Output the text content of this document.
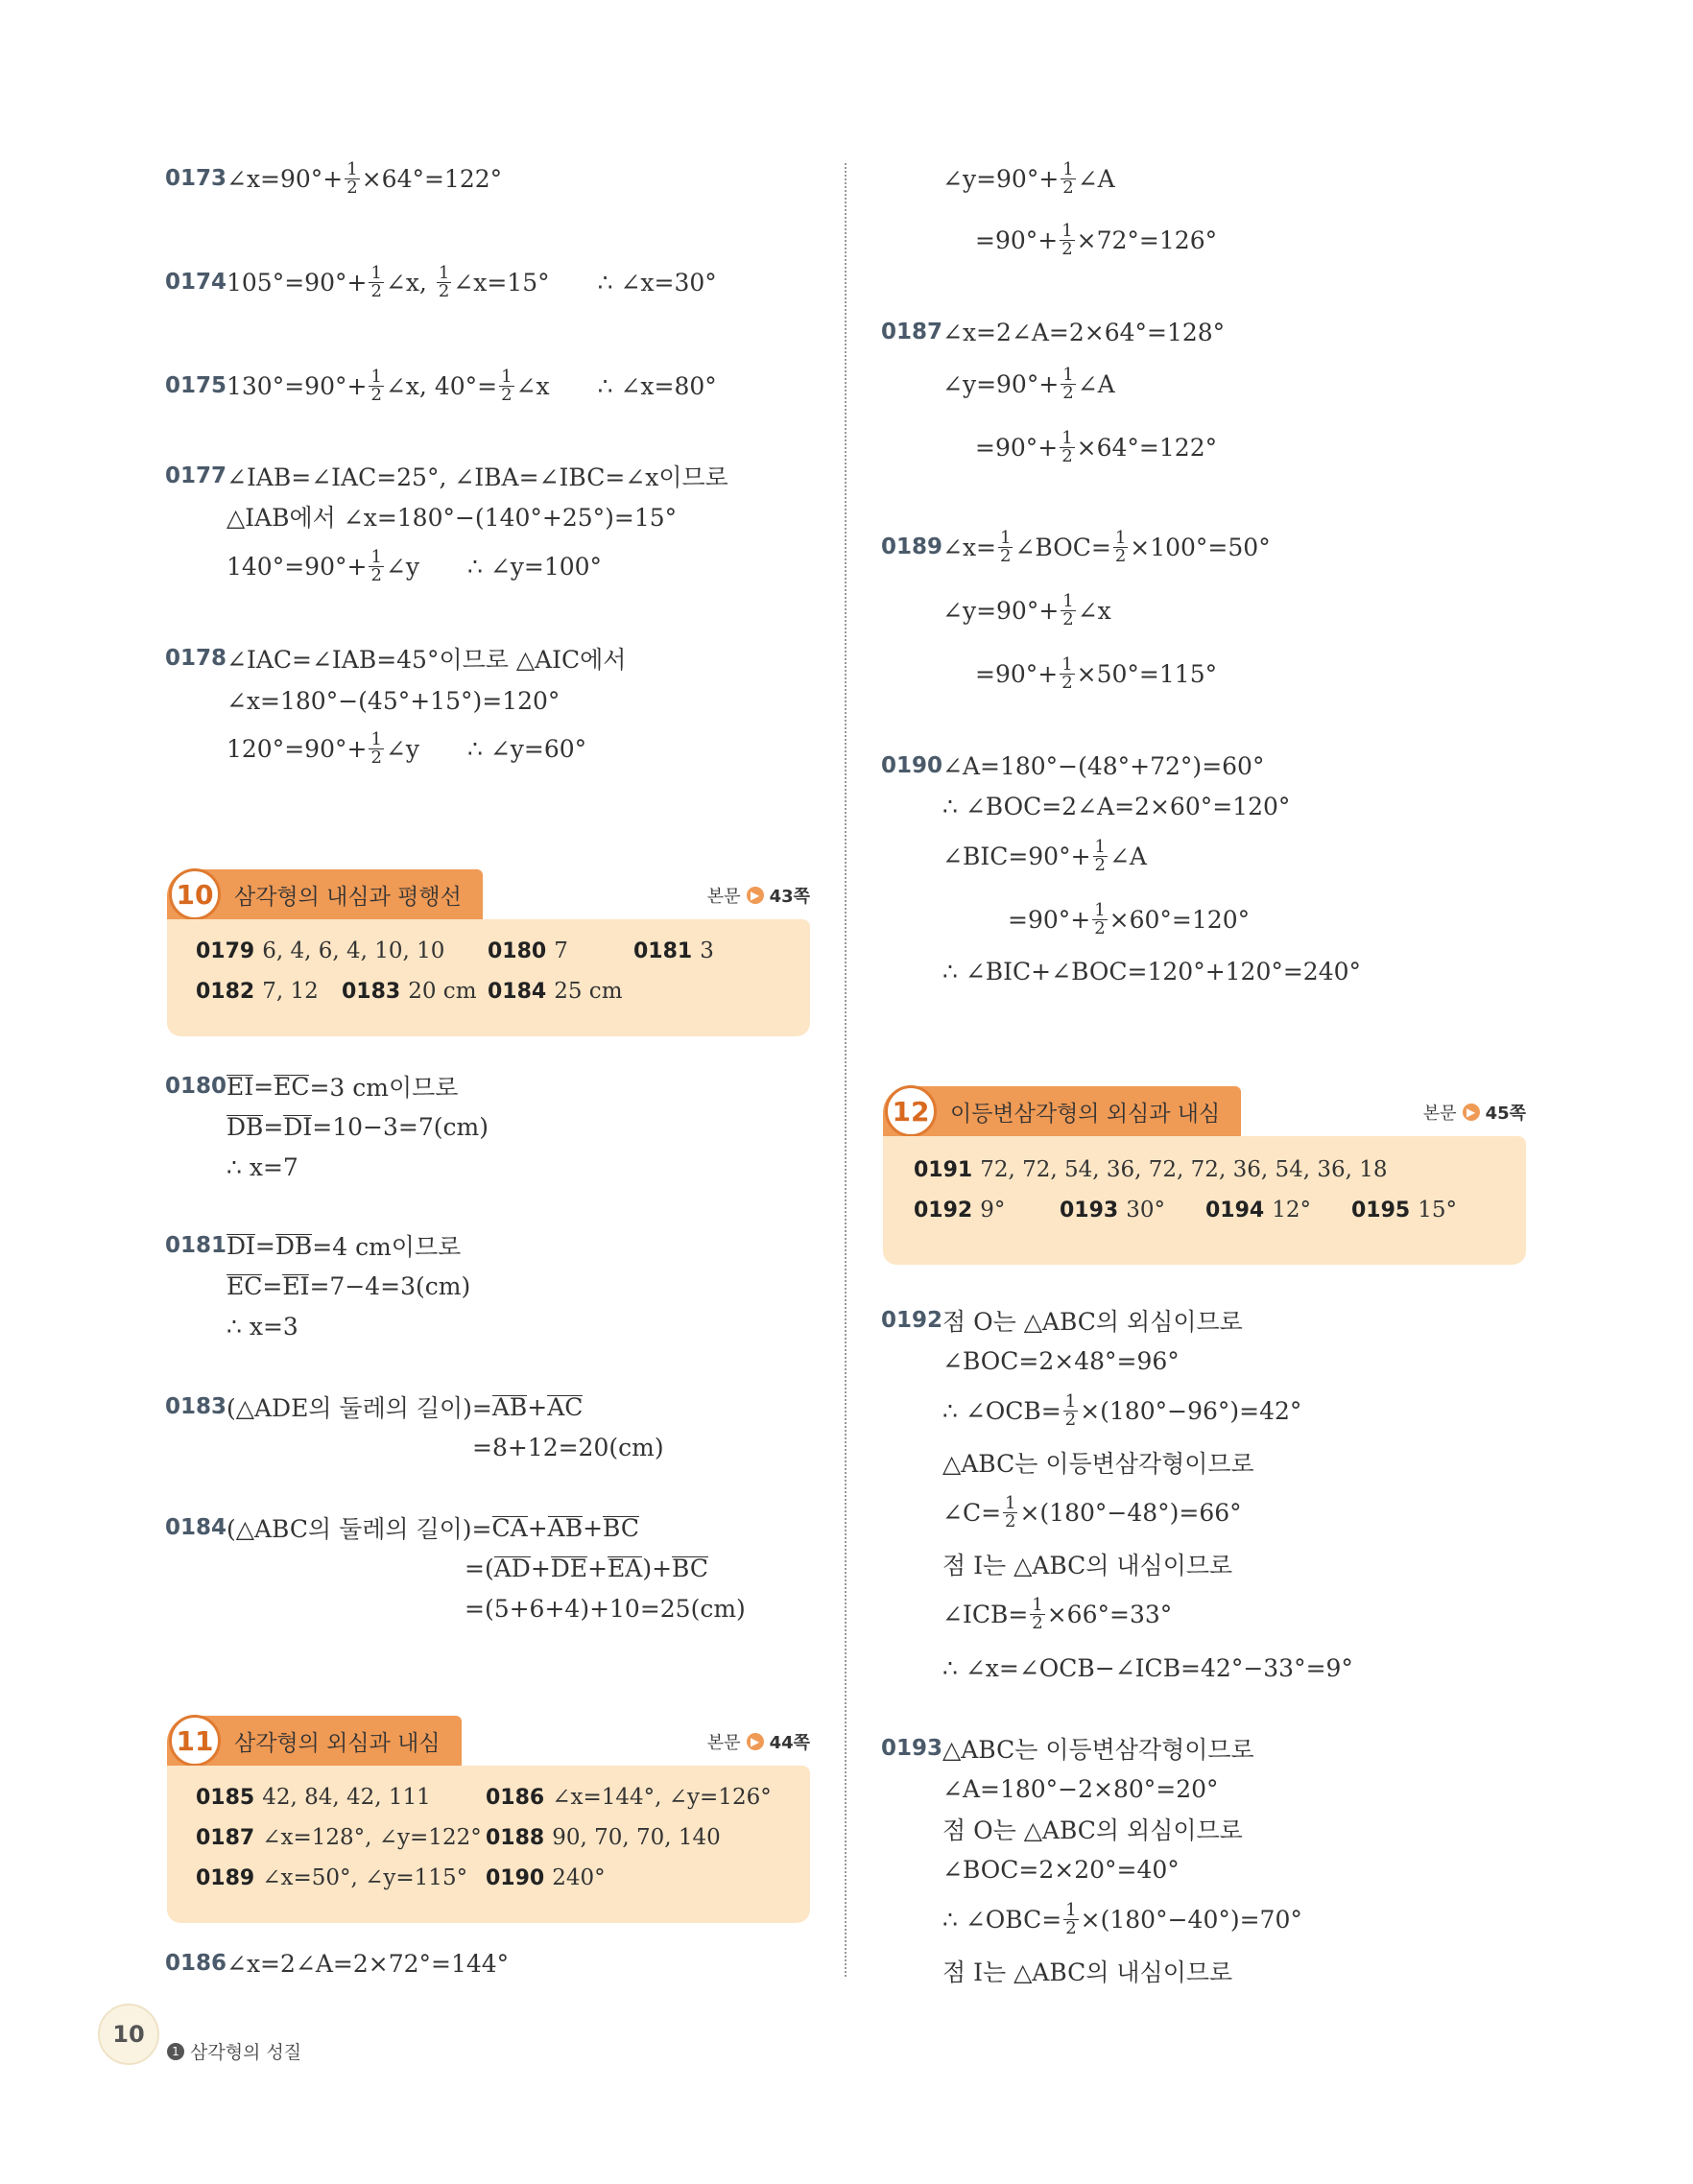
0173 ∠x=90°+ $\frac{1}{2} \times 64^\circ=122^\circ$
0174 $105^\circ=90^\circ+ \frac{1}{2}$ ∠x, $\frac{1}{2}$ ∠x=15° ∴ ∠x=30°
0175 $130^\circ=90^\circ+ \frac{1}{2}$ ∠x, $40^\circ= \frac{1}{2}$ ∠x ∴ ∠x=80°
0177 ∠IAB=∠IAC=25°, ∠IBA=∠IBC=∠x이므로
△IAB에서 ∠x=180°−(140°+25°)=15°
$140^\circ=90^\circ+ \frac{1}{2}$ ∠y ∴ ∠y=100°
0178 ∠IAC=∠IAB=45°이므로 △AIC에서
∠x=180°−(45°+15°)=120°
$120^\circ=90^\circ+ \frac{1}{2}$ ∠y ∴ ∠y=60°
10 삼각형의 내심과 평행선	본문 ▶ 43쪽
0179 6, 4, 6, 4, 10, 10 0180 7	0181 3
0182 7, 12 0183 20 cm 0184 25 cm
0180 EI = EC =3 cm이므로
DB = DI =10−3=7(cm)
∴ x=7
0181 DI = DB =4 cm이므로
EC = EI =7−4=3(cm)
∴ x=3
0183 (△ADE의 둘레의 길이)= AB + AC
=8+12=20(cm)
0184 (△ABC의 둘레의 길이)= CA + AB + BC
=( AD + DE + EA )+ BC
=(5+6+4)+10=25(cm)
11 삼각형의 외심과 내심	본문 ▶ 44쪽
0185 42, 84, 42, 111	0186 ∠x=144°, ∠y=126°
0187 ∠x=128°, ∠y=122° 0188 90, 70, 70, 140
0189 ∠x=50°, ∠y=115° 0190 240°
0186 ∠x=2∠A=2×72°=144°
∠y=90°+ $\frac{1}{2}$ ∠A
$=90^\circ+ \frac{1}{2} \times 72^\circ=126^\circ$
0187 ∠x=2∠A=2×64°=128°
∠y=90°+ $\frac{1}{2}$ ∠A
$=90^\circ+ \frac{1}{2} \times 64^\circ=122^\circ$
0189 ∠x= $\frac{1}{2}$ ∠BOC= $\frac{1}{2} \times 100^\circ=50^\circ$
∠y=90°+ $\frac{1}{2}$ ∠x
$=90^\circ+ \frac{1}{2} \times 50^\circ=115^\circ$
0190 ∠A=180°−(48°+72°)=60°
∴ ∠BOC=2∠A=2×60°=120°
∠BIC=90°+ $\frac{1}{2}$ ∠A
$=90^\circ+ \frac{1}{2} \times 60^\circ=120^\circ$
∴ ∠BIC+∠BOC=120°+120°=240°
12 이등변삼각형의 외심과 내심	본문 ▶ 45쪽
0191 72, 72, 54, 36, 72, 72, 36, 54, 36, 18
0192 9°	0193 30° 0194 12° 0195 15°
0192 점 O는 △ABC의 외심이므로
∠BOC=2×48°=96°
∴ ∠OCB= $\frac{1}{2} \times(180^\circ-96^\circ)=42^\circ$
△ABC는 이등변삼각형이므로
∠C= $\frac{1}{2} \times(180^\circ-48^\circ)=66^\circ$
점 I는 △ABC의 내심이므로
∠ICB= $\frac{1}{2} \times 66^\circ=33^\circ$
∴ ∠x=∠OCB−∠ICB=42°−33°=9°
0193 △ABC는 이등변삼각형이므로
∠A=180°−2×80°=20°
점 O는 △ABC의 외심이므로
∠BOC=2×20°=40°
∴ ∠OBC= $\frac{1}{2} \times(180^\circ-40^\circ)=70^\circ$
점 I는 △ABC의 내심이므로
10
1 삼각형의 성질
